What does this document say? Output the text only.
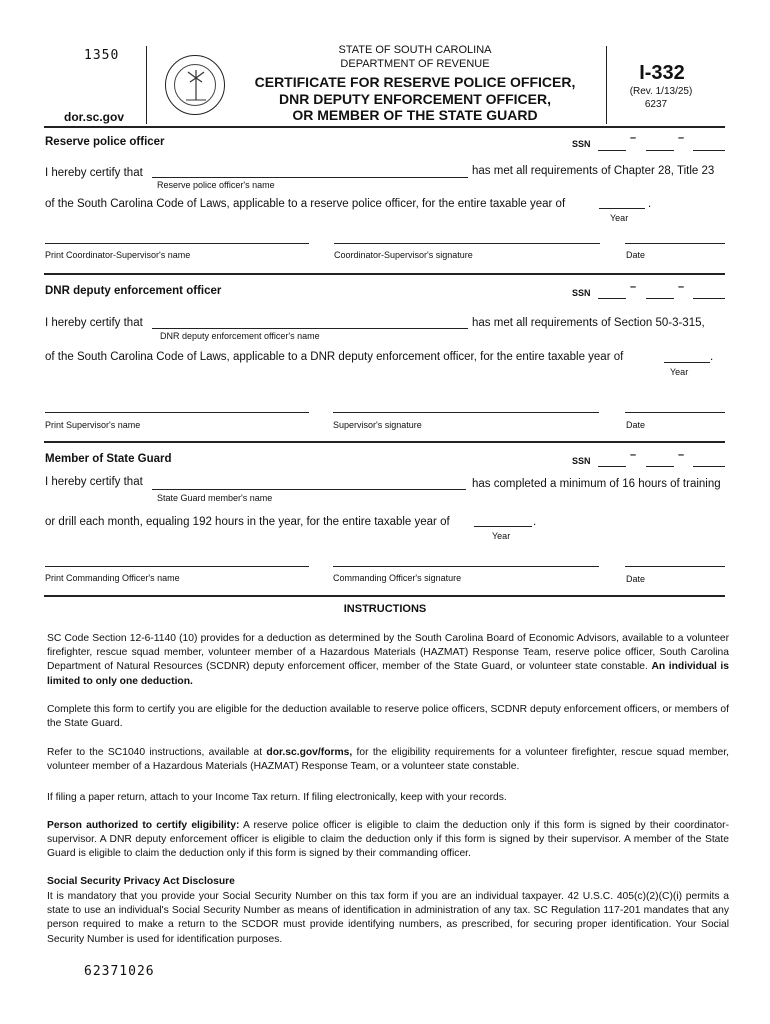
1350
dor.sc.gov
STATE OF SOUTH CAROLINA
DEPARTMENT OF REVENUE
CERTIFICATE FOR RESERVE POLICE OFFICER,
DNR DEPUTY ENFORCEMENT OFFICER,
OR MEMBER OF THE STATE GUARD
I-332
(Rev. 1/13/25)
6237
Reserve police officer	SSN	–	–
I hereby certify that
Reserve police officer's name
has met all requirements of Chapter 28, Title 23
of the South Carolina Code of Laws, applicable to a reserve police officer, for the entire taxable year of	.
Year
Print Coordinator-Supervisor's name	Coordinator-Supervisor's signature	Date
DNR deputy enforcement officer	SSN	–	–
I hereby certify that
DNR deputy enforcement officer's name
has met all requirements of Section 50-3-315,
of the South Carolina Code of Laws, applicable to a DNR deputy enforcement officer, for the entire taxable year of	.
Year
Print Supervisor's name	Supervisor's signature	Date
Member of State Guard	SSN	–	–
I hereby certify that
State Guard member's name
has completed a minimum of 16 hours of training
or drill each month, equaling 192 hours in the year, for the entire taxable year of	.
Year
Print Commanding Officer's name	Commanding Officer's signature	Date
INSTRUCTIONS
SC Code Section 12-6-1140 (10) provides for a deduction as determined by the South Carolina Board of Economic Advisors, available to a volunteer firefighter, rescue squad member, volunteer member of a Hazardous Materials (HAZMAT) Response Team, reserve police officer, South Carolina Department of Natural Resources (SCDNR) deputy enforcement officer, member of the State Guard, or volunteer state constable. An individual is limited to only one deduction.
Complete this form to certify you are eligible for the deduction available to reserve police officers, SCDNR deputy enforcement officers, or members of the State Guard.
Refer to the SC1040 instructions, available at dor.sc.gov/forms, for the eligibility requirements for a volunteer firefighter, rescue squad member, volunteer member of a Hazardous Materials (HAZMAT) Response Team, or a volunteer state constable.
If filing a paper return, attach to your Income Tax return. If filing electronically, keep with your records.
Person authorized to certify eligibility: A reserve police officer is eligible to claim the deduction only if this form is signed by their coordinator-supervisor. A DNR deputy enforcement officer is eligible to claim the deduction only if this form is signed by their supervisor. A member of the State Guard is eligible to claim the deduction only if this form is signed by their commanding officer.
Social Security Privacy Act Disclosure
It is mandatory that you provide your Social Security Number on this tax form if you are an individual taxpayer. 42 U.S.C. 405(c)(2)(C)(i) permits a state to use an individual's Social Security Number as means of identification in administration of any tax. SC Regulation 117-201 mandates that any person required to make a return to the SCDOR must provide identifying numbers, as prescribed, for securing proper identification. Your Social Security Number is used for identification purposes.
62371026
